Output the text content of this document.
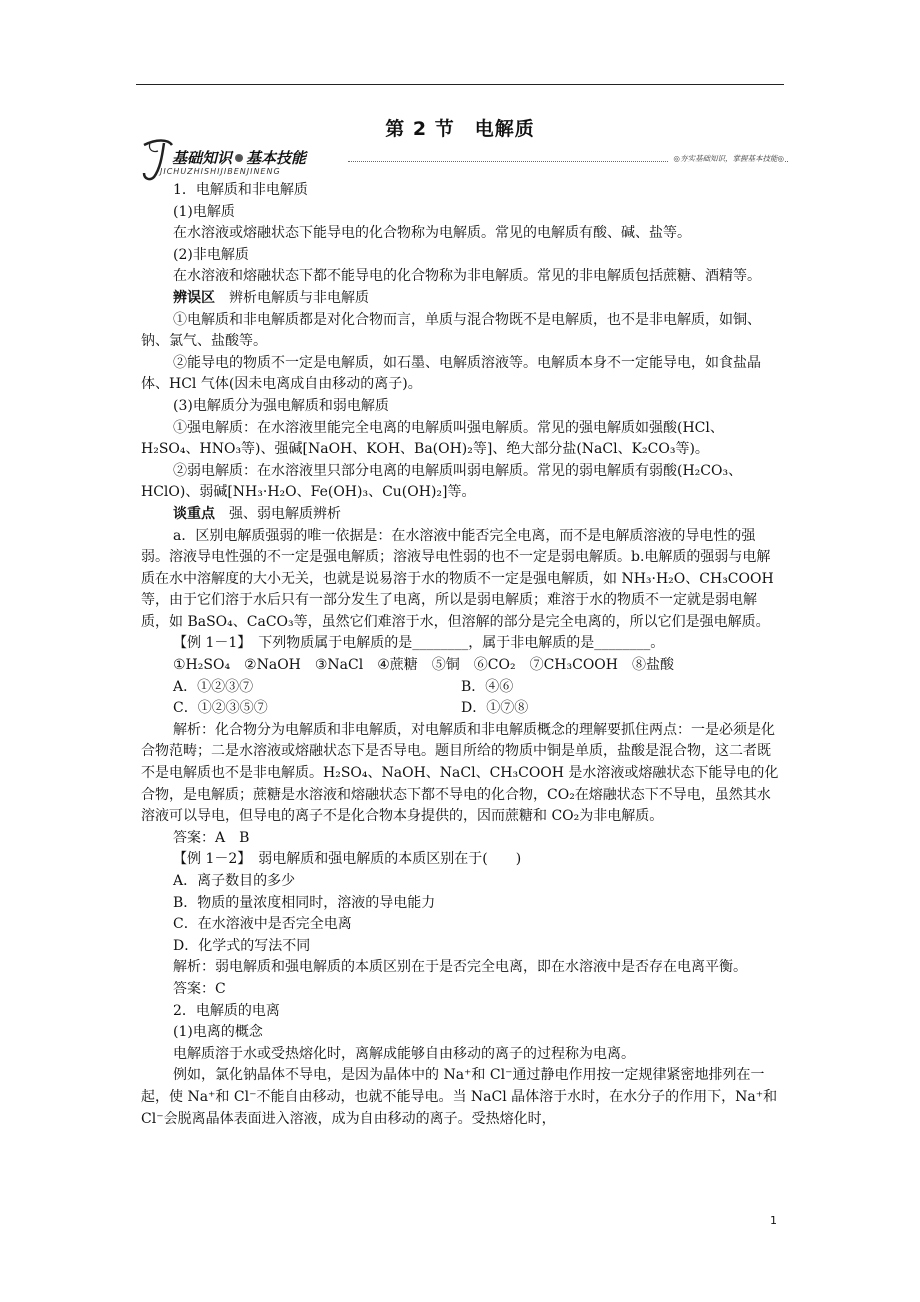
第 2 节　电解质
基础知识 基本技能
JICHUZHISHIJIBENJINENG
◎夯实基础知识，掌握基本技能◎

1．电解质和非电解质

(1)电解质

在水溶液或熔融状态下能导电的化合物称为电解质。常见的电解质有酸、碱、盐等。

(2)非电解质

在水溶液和熔融状态下都不能导电的化合物称为非电解质。常见的非电解质包括蔗糖、酒精等。

辨误区　辨析电解质与非电解质

①电解质和非电解质都是对化合物而言，单质与混合物既不是电解质，也不是非电解质，如铜、钠、氯气、盐酸等。

②能导电的物质不一定是电解质，如石墨、电解质溶液等。电解质本身不一定能导电，如食盐晶体、HCl 气体(因未电离成自由移动的离子)。

(3)电解质分为强电解质和弱电解质

①强电解质：在水溶液里能完全电离的电解质叫强电解质。常见的强电解质如强酸(HCl、H₂SO₄、HNO₃等)、强碱[NaOH、KOH、Ba(OH)₂等]、绝大部分盐(NaCl、K₂CO₃等)。

②弱电解质：在水溶液里只部分电离的电解质叫弱电解质。常见的弱电解质有弱酸(H₂CO₃、HClO)、弱碱[NH₃·H₂O、Fe(OH)₃、Cu(OH)₂]等。

谈重点　强、弱电解质辨析

a．区别电解质强弱的唯一依据是：在水溶液中能否完全电离，而不是电解质溶液的导电性的强弱。溶液导电性强的不一定是强电解质；溶液导电性弱的也不一定是弱电解质。b.电解质的强弱与电解质在水中溶解度的大小无关，也就是说易溶于水的物质不一定是强电解质，如 NH₃·H₂O、CH₃COOH 等，由于它们溶于水后只有一部分发生了电离，所以是弱电解质；难溶于水的物质不一定就是弱电解质，如 BaSO₄、CaCO₃等，虽然它们难溶于水，但溶解的部分是完全电离的，所以它们是强电解质。

【例 1－1】　下列物质属于电解质的是________，属于非电解质的是________。

①H₂SO₄　②NaOH　③NaCl　④蔗糖　⑤铜　⑥CO₂　⑦CH₃COOH　⑧盐酸

A．①②③⑦	B．④⑥
C．①②③⑤⑦	D．①⑦⑧

解析：化合物分为电解质和非电解质，对电解质和非电解质概念的理解要抓住两点：一是必须是化合物范畴；二是水溶液或熔融状态下是否导电。题目所给的物质中铜是单质，盐酸是混合物，这二者既不是电解质也不是非电解质。H₂SO₄、NaOH、NaCl、CH₃COOH 是水溶液或熔融状态下能导电的化合物，是电解质；蔗糖是水溶液和熔融状态下都不导电的化合物，CO₂在熔融状态下不导电，虽然其水溶液可以导电，但导电的离子不是化合物本身提供的，因而蔗糖和 CO₂为非电解质。

答案：A　B

【例 1－2】　弱电解质和强电解质的本质区别在于(　　)

A．离子数目的多少

B．物质的量浓度相同时，溶液的导电能力

C．在水溶液中是否完全电离

D．化学式的写法不同

解析：弱电解质和强电解质的本质区别在于是否完全电离，即在水溶液中是否存在电离平衡。

答案：C

2．电解质的电离

(1)电离的概念

电解质溶于水或受热熔化时，离解成能够自由移动的离子的过程称为电离。

例如，氯化钠晶体不导电，是因为晶体中的 Na⁺和 Cl⁻通过静电作用按一定规律紧密地排列在一起，使 Na⁺和 Cl⁻不能自由移动，也就不能导电。当 NaCl 晶体溶于水时，在水分子的作用下，Na⁺和 Cl⁻会脱离晶体表面进入溶液，成为自由移动的离子。受热熔化时，

1
